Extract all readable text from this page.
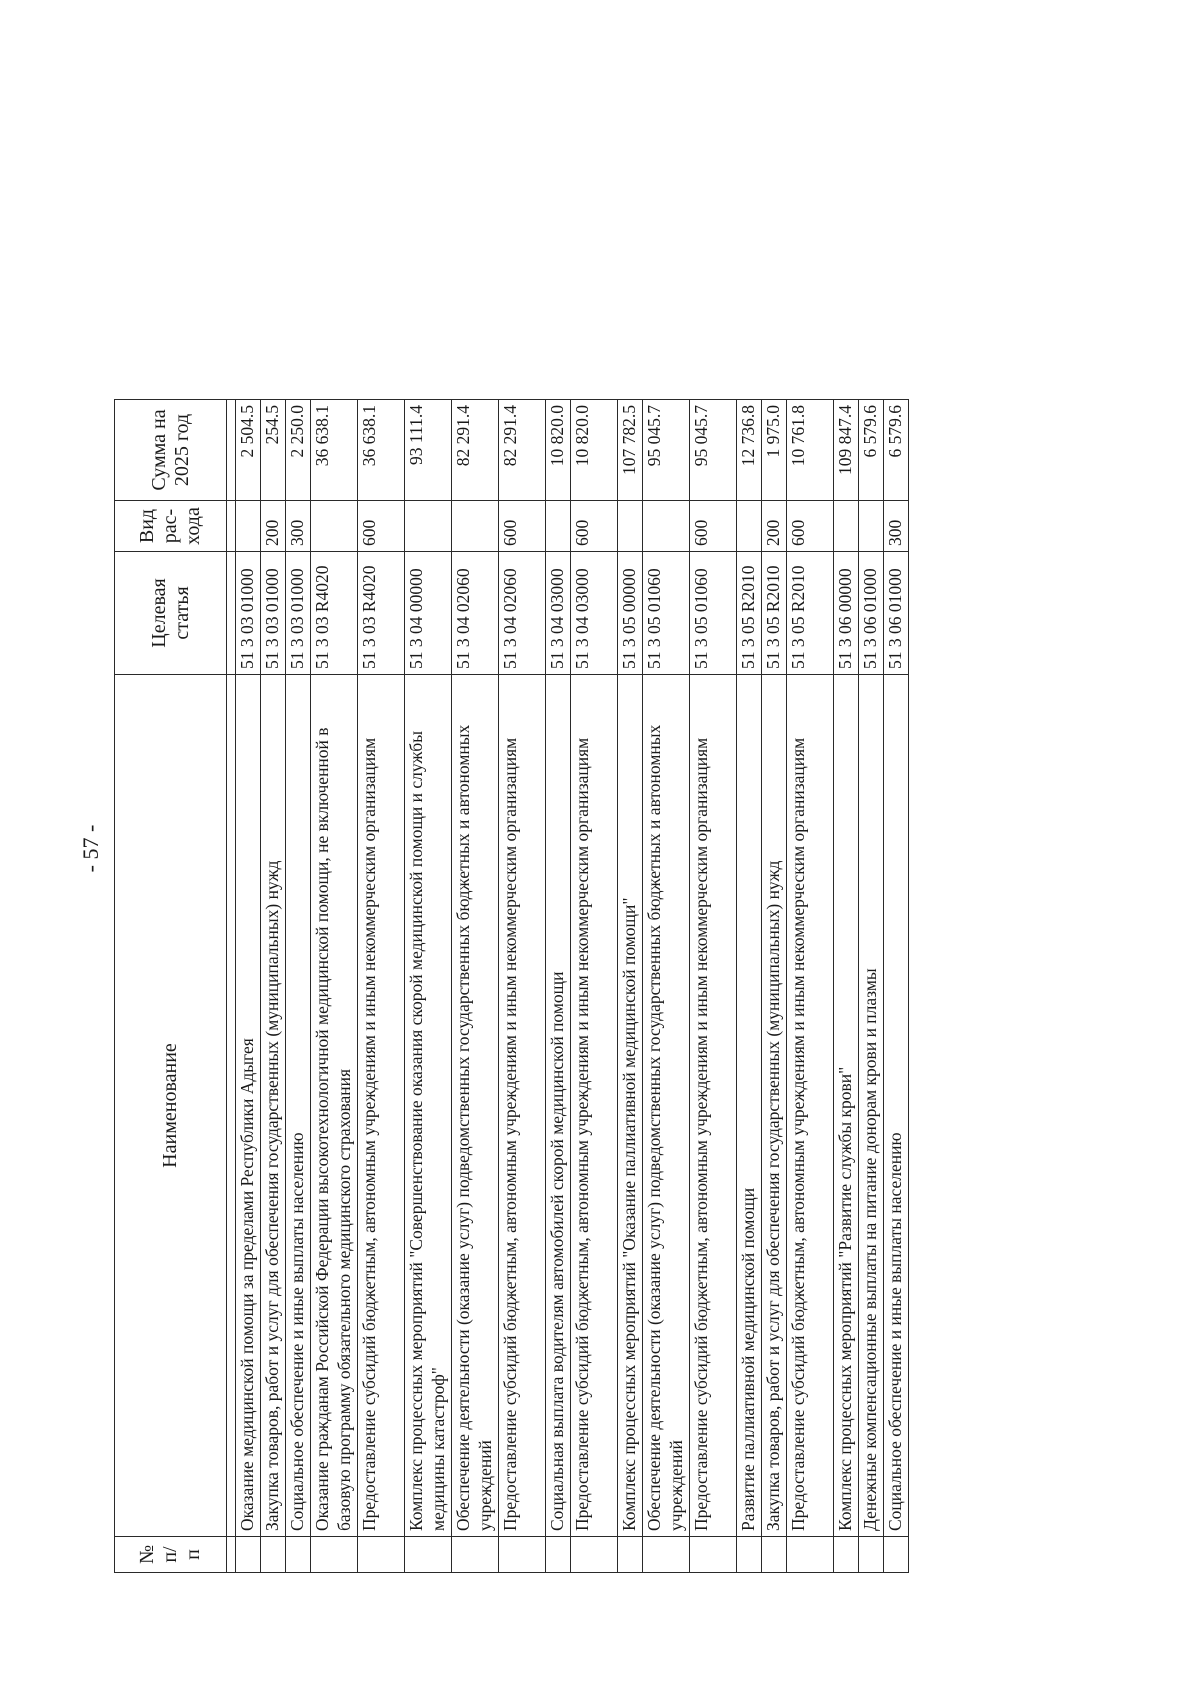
- 57 -
№ п/п	Наименование	Целевая статья	Вид рас-хода	Сумма на 2025 год

	Оказание медицинской помощи за пределами Республики Адыгея	51 3 03 01000		2 504.5
	Закупка товаров, работ и услуг для обеспечения государственных (муниципальных) нужд	51 3 03 01000	200	254.5
	Социальное обеспечение и иные выплаты населению	51 3 03 01000	300	2 250.0
	Оказание гражданам Российской Федерации высокотехнологичной медицинской помощи, не включенной в базовую программу обязательного медицинского страхования	51 3 03 R4020		36 638.1
	Предоставление субсидий бюджетным, автономным учреждениям и иным некоммерческим организациям	51 3 03 R4020	600	36 638.1
	Комплекс процессных мероприятий "Совершенствование оказания скорой медицинской помощи и службы медицины катастроф"	51 3 04 00000		93 111.4
	Обеспечение деятельности (оказание услуг) подведомственных государственных бюджетных и автономных учреждений	51 3 04 02060		82 291.4
	Предоставление субсидий бюджетным, автономным учреждениям и иным некоммерческим организациям	51 3 04 02060	600	82 291.4
	Социальная выплата водителям автомобилей скорой медицинской помощи	51 3 04 03000		10 820.0
	Предоставление субсидий бюджетным, автономным учреждениям и иным некоммерческим организациям	51 3 04 03000	600	10 820.0
	Комплекс процессных мероприятий "Оказание паллиативной медицинской помощи"	51 3 05 00000		107 782.5
	Обеспечение деятельности (оказание услуг) подведомственных государственных бюджетных и автономных учреждений	51 3 05 01060		95 045.7
	Предоставление субсидий бюджетным, автономным учреждениям и иным некоммерческим организациям	51 3 05 01060	600	95 045.7
	Развитие паллиативной медицинской помощи	51 3 05 R2010		12 736.8
	Закупка товаров, работ и услуг для обеспечения государственных (муниципальных) нужд	51 3 05 R2010	200	1 975.0
	Предоставление субсидий бюджетным, автономным учреждениям и иным некоммерческим организациям	51 3 05 R2010	600	10 761.8
	Комплекс процессных мероприятий "Развитие службы крови"	51 3 06 00000		109 847.4
	Денежные компенсационные выплаты на питание донорам крови и плазмы	51 3 06 01000		6 579.6
	Социальное обеспечение и иные выплаты населению	51 3 06 01000	300	6 579.6
